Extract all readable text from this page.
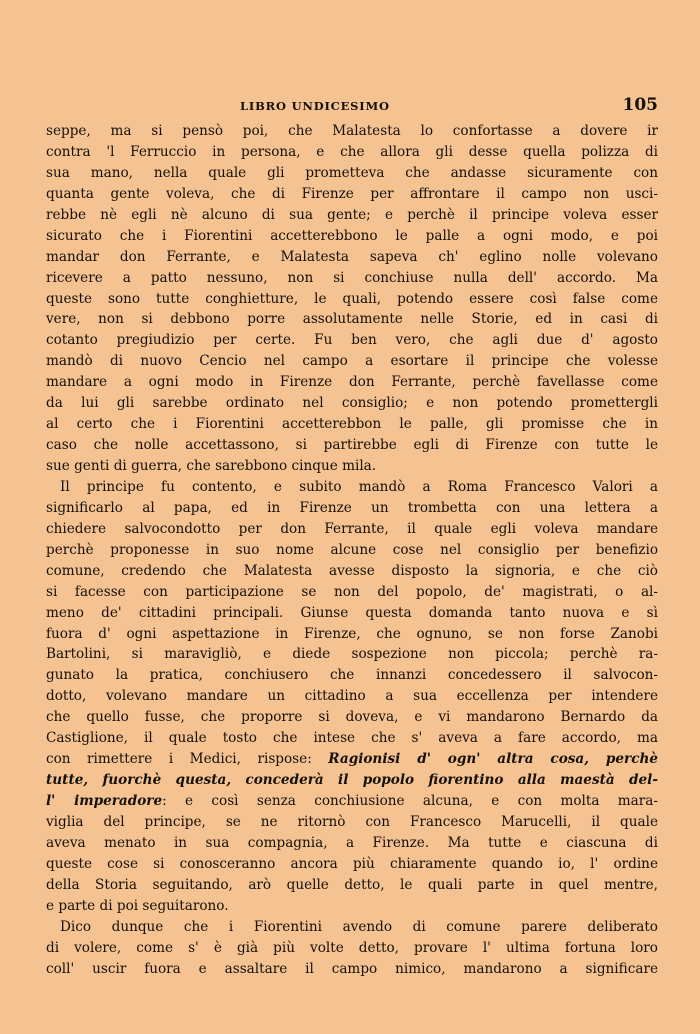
LIBRO UNDICESIMO	105
seppe, ma si pensò poi, che Malatesta lo confortasse a dovere ir
contra 'l Ferruccio in persona, e che allora gli desse quella polizza di
sua mano, nella quale gli prometteva che andasse sicuramente con
quanta gente voleva, che di Firenze per affrontare il campo non usci-
rebbe nè egli nè alcuno di sua gente; e perchè il principe voleva esser
sicurato che i Fiorentini accetterebbono le palle a ogni modo, e poi
mandar don Ferrante, e Malatesta sapeva ch' eglino nolle volevano
ricevere a patto nessuno, non si conchiuse nulla dell' accordo. Ma
queste sono tutte conghietture, le quali, potendo essere così false come
vere, non si debbono porre assolutamente nelle Storie, ed in casi di
cotanto pregiudizio per certe. Fu ben vero, che agli due d' agosto
mandò di nuovo Cencio nel campo a esortare il principe che volesse
mandare a ogni modo in Firenze don Ferrante, perchè favellasse come
da lui gli sarebbe ordinato nel consiglio; e non potendo promettergli
al certo che i Fiorentini accetterebbon le palle, gli promisse che in
caso che nolle accettassono, si partirebbe egli di Firenze con tutte le
sue genti di guerra, che sarebbono cinque mila.
Il principe fu contento, e subito mandò a Roma Francesco Valori a
significarlo al papa, ed in Firenze un trombetta con una lettera a
chiedere salvocondotto per don Ferrante, il quale egli voleva mandare
perchè proponesse in suo nome alcune cose nel consiglio per benefizio
comune, credendo che Malatesta avesse disposto la signoria, e che ciò
si facesse con participazione se non del popolo, de' magistrati, o al-
meno de' cittadini principali. Giunse questa domanda tanto nuova e sì
fuora d' ogni aspettazione in Firenze, che ognuno, se non forse Zanobi
Bartolini, si maravigliò, e diede sospezione non piccola; perchè ra-
gunato la pratica, conchiusero che innanzi concedessero il salvocon-
dotto, volevano mandare un cittadino a sua eccellenza per intendere
che quello fusse, che proporre si doveva, e vi mandarono Bernardo da
Castiglione, il quale tosto che intese che s' aveva a fare accordo, ma
con rimettere i Medici, rispose: Ragionisi d' ogn' altra cosa, perchè
tutte, fuorchè questa, concederà il popolo fiorentino alla maestà del-
l' imperadore: e così senza conchiusione alcuna, e con molta mara-
viglia del principe, se ne ritornò con Francesco Marucelli, il quale
aveva menato in sua compagnia, a Firenze. Ma tutte e ciascuna di
queste cose si conosceranno ancora più chiaramente quando io, l' ordine
della Storia seguitando, arò quelle detto, le quali parte in quel mentre,
e parte di poi seguitarono.
Dico dunque che i Fiorentini avendo di comune parere deliberato
di volere, come s' è già più volte detto, provare l' ultima fortuna loro
coll' uscir fuora e assaltare il campo nimico, mandarono a significare
